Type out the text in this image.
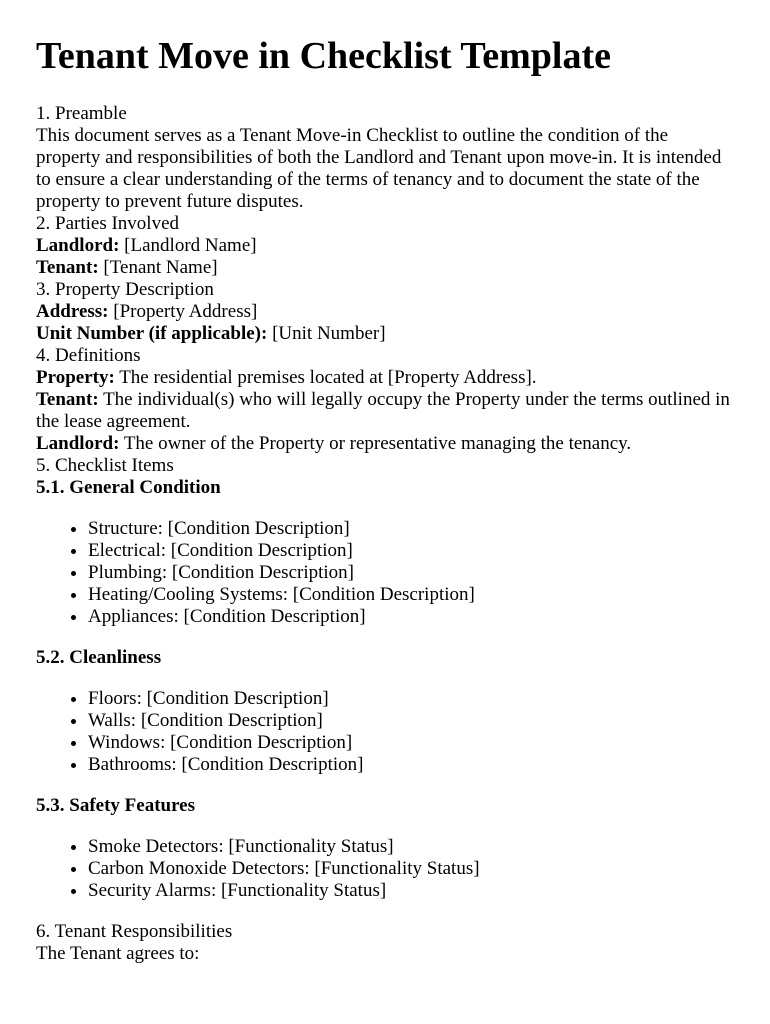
Tenant Move in Checklist Template

1. Preamble

This document serves as a Tenant Move-in Checklist to outline the condition of the property and responsibilities of both the Landlord and Tenant upon move-in. It is intended to ensure a clear understanding of the terms of tenancy and to document the state of the property to prevent future disputes.

2. Parties Involved

Landlord: [Landlord Name]

Tenant: [Tenant Name]

3. Property Description

Address: [Property Address]

Unit Number (if applicable): [Unit Number]

4. Definitions

Property: The residential premises located at [Property Address].

Tenant: The individual(s) who will legally occupy the Property under the terms outlined in the lease agreement.

Landlord: The owner of the Property or representative managing the tenancy.

5. Checklist Items

5.1. General Condition

• Structure: [Condition Description]
• Electrical: [Condition Description]
• Plumbing: [Condition Description]
• Heating/Cooling Systems: [Condition Description]
• Appliances: [Condition Description]

5.2. Cleanliness

• Floors: [Condition Description]
• Walls: [Condition Description]
• Windows: [Condition Description]
• Bathrooms: [Condition Description]

5.3. Safety Features

• Smoke Detectors: [Functionality Status]
• Carbon Monoxide Detectors: [Functionality Status]
• Security Alarms: [Functionality Status]

6. Tenant Responsibilities

The Tenant agrees to:
